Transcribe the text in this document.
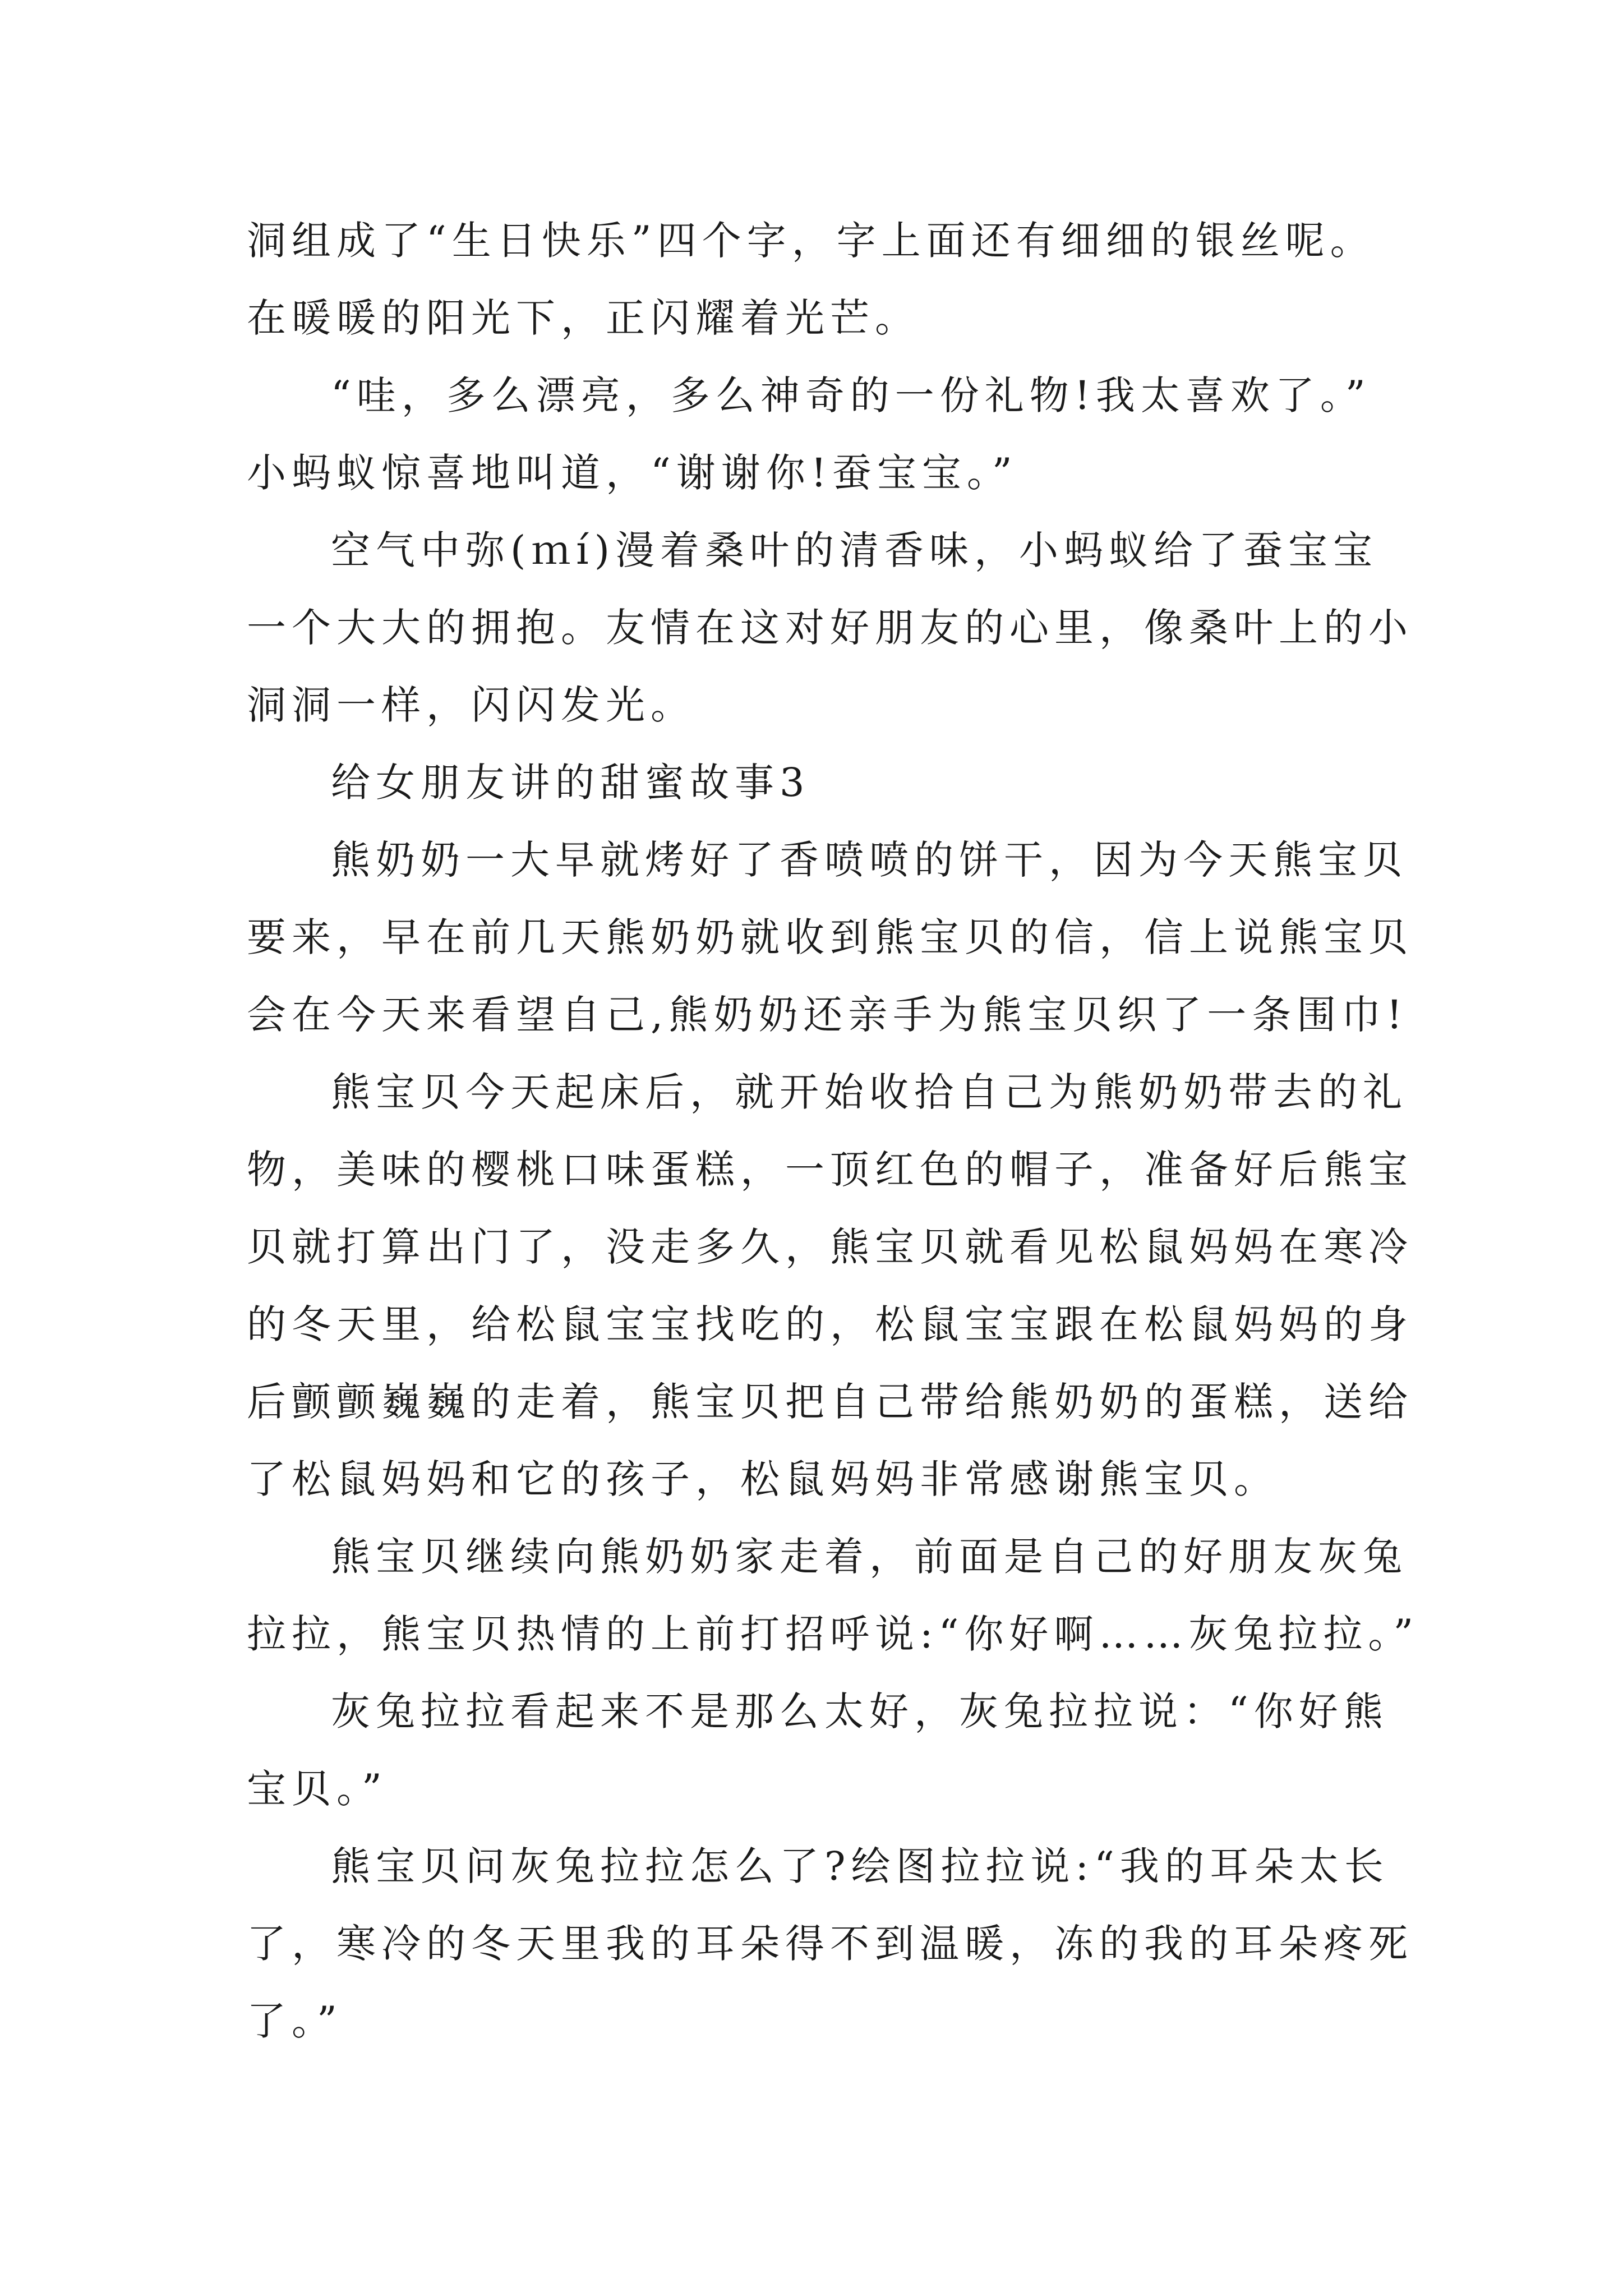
洞组成了“生日快乐”四个字，字上面还有细细的银丝呢。
在暖暖的阳光下，正闪耀着光芒。
“哇，多么漂亮，多么神奇的一份礼物!我太喜欢了。”
小蚂蚁惊喜地叫道，“谢谢你!蚕宝宝。”
空气中弥(ｍí)漫着桑叶的清香味，小蚂蚁给了蚕宝宝
一个大大的拥抱。友情在这对好朋友的心里，像桑叶上的小
洞洞一样，闪闪发光。
给女朋友讲的甜蜜故事3
熊奶奶一大早就烤好了香喷喷的饼干，因为今天熊宝贝
要来，早在前几天熊奶奶就收到熊宝贝的信，信上说熊宝贝
会在今天来看望自己,熊奶奶还亲手为熊宝贝织了一条围巾!
熊宝贝今天起床后，就开始收拾自己为熊奶奶带去的礼
物，美味的樱桃口味蛋糕，一顶红色的帽子，准备好后熊宝
贝就打算出门了，没走多久，熊宝贝就看见松鼠妈妈在寒冷
的冬天里，给松鼠宝宝找吃的，松鼠宝宝跟在松鼠妈妈的身
后颤颤巍巍的走着，熊宝贝把自己带给熊奶奶的蛋糕，送给
了松鼠妈妈和它的孩子，松鼠妈妈非常感谢熊宝贝。
熊宝贝继续向熊奶奶家走着，前面是自己的好朋友灰兔
拉拉，熊宝贝热情的上前打招呼说:“你好啊……灰兔拉拉。”
灰兔拉拉看起来不是那么太好，灰兔拉拉说：“你好熊
宝贝。”
熊宝贝问灰兔拉拉怎么了?绘图拉拉说:“我的耳朵太长
了，寒冷的冬天里我的耳朵得不到温暖，冻的我的耳朵疼死
了。”
